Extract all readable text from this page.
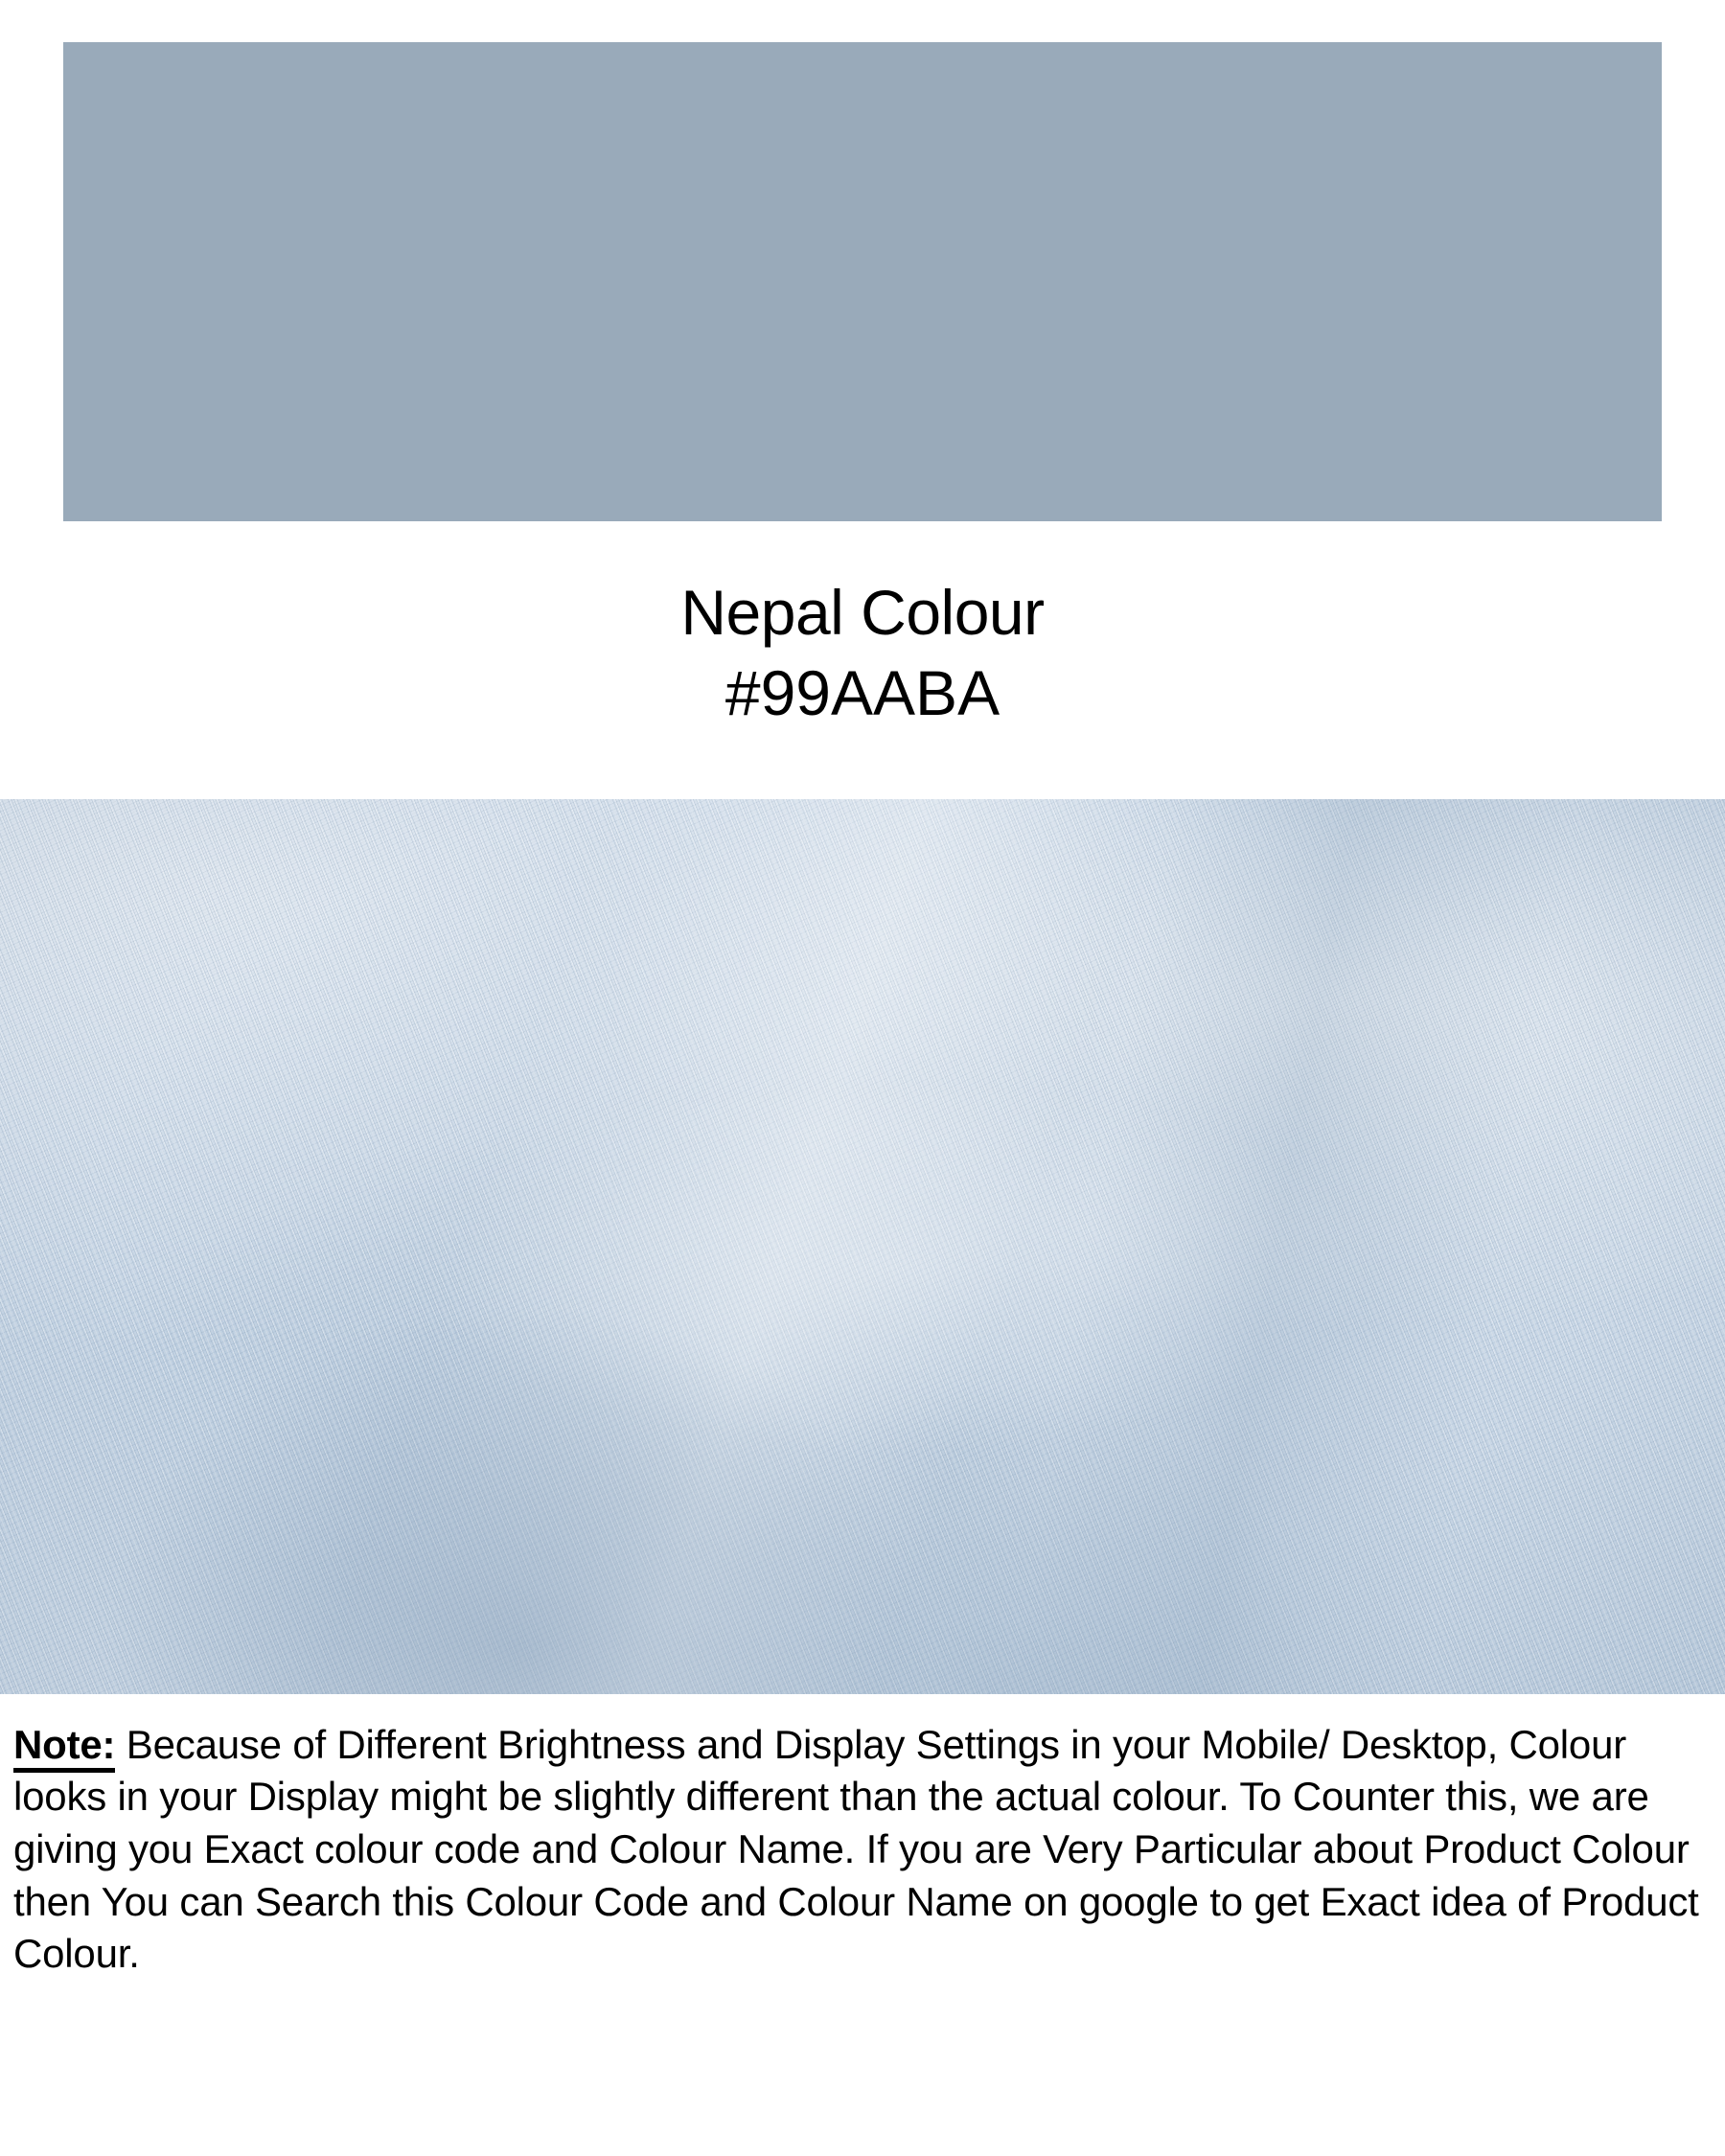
Nepal Colour
#99AABA
Note: Because of Different Brightness and Display Settings in your Mobile/ Desktop, Colour looks in your Display might be slightly different than the actual colour. To Counter this, we are giving you Exact colour code and Colour Name. If you are Very Particular about Product Colour then You can Search this Colour Code and Colour Name on google to get Exact idea of Product Colour.
